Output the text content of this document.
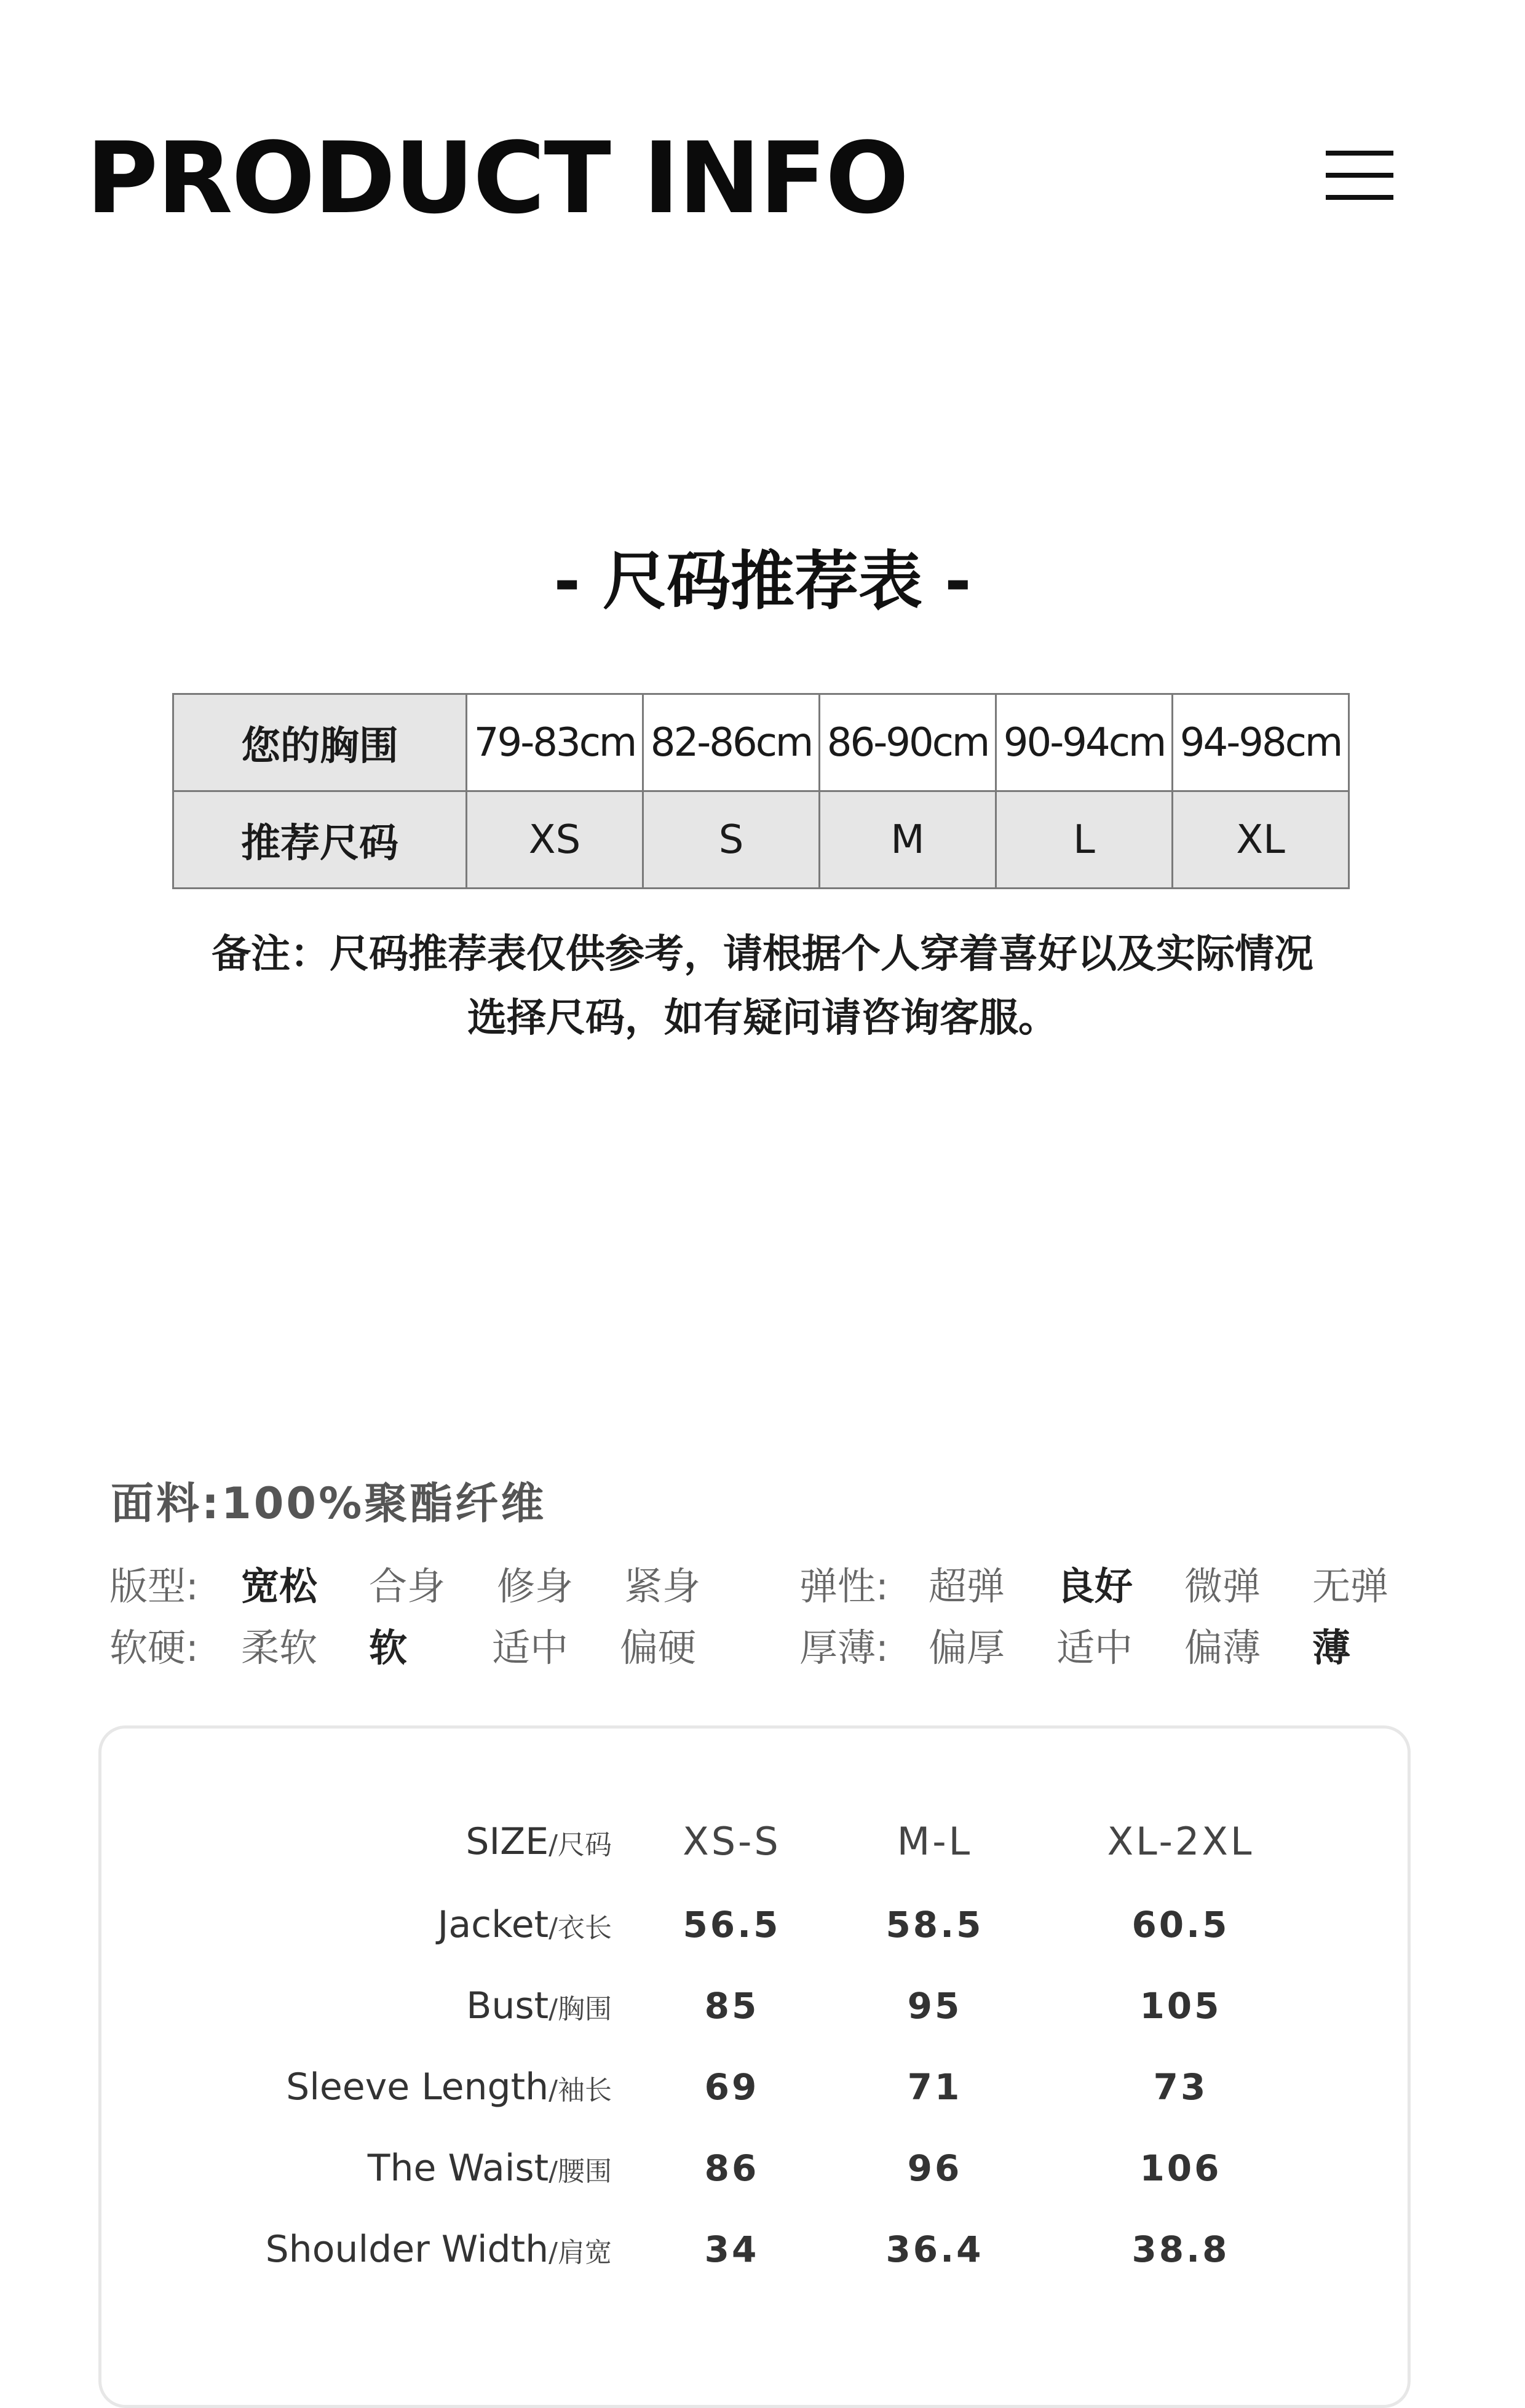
PRODUCT INFO
- 尺码推荐表 -
您的胸围	79-83cm	82-86cm	86-90cm	90-94cm	94-98cm
推荐尺码	XS	S	M	L	XL
备注：尺码推荐表仅供参考，请根据个人穿着喜好以及实际情况
选择尺码，如有疑问请咨询客服。
面料:100%聚酯纤维
版型: 宽松 合身 修身 紧身	弹性: 超弹 良好 微弹 无弹
软硬: 柔软 软 适中 偏硬	厚薄: 偏厚 适中 偏薄 薄
SIZE/尺码	XS-S	M-L	XL-2XL
Jacket/衣长	56.5	58.5	60.5
Bust/胸围	85	95	105
Sleeve Length/袖长	69	71	73
The Waist/腰围	86	96	106
Shoulder Width/肩宽	34	36.4	38.8
